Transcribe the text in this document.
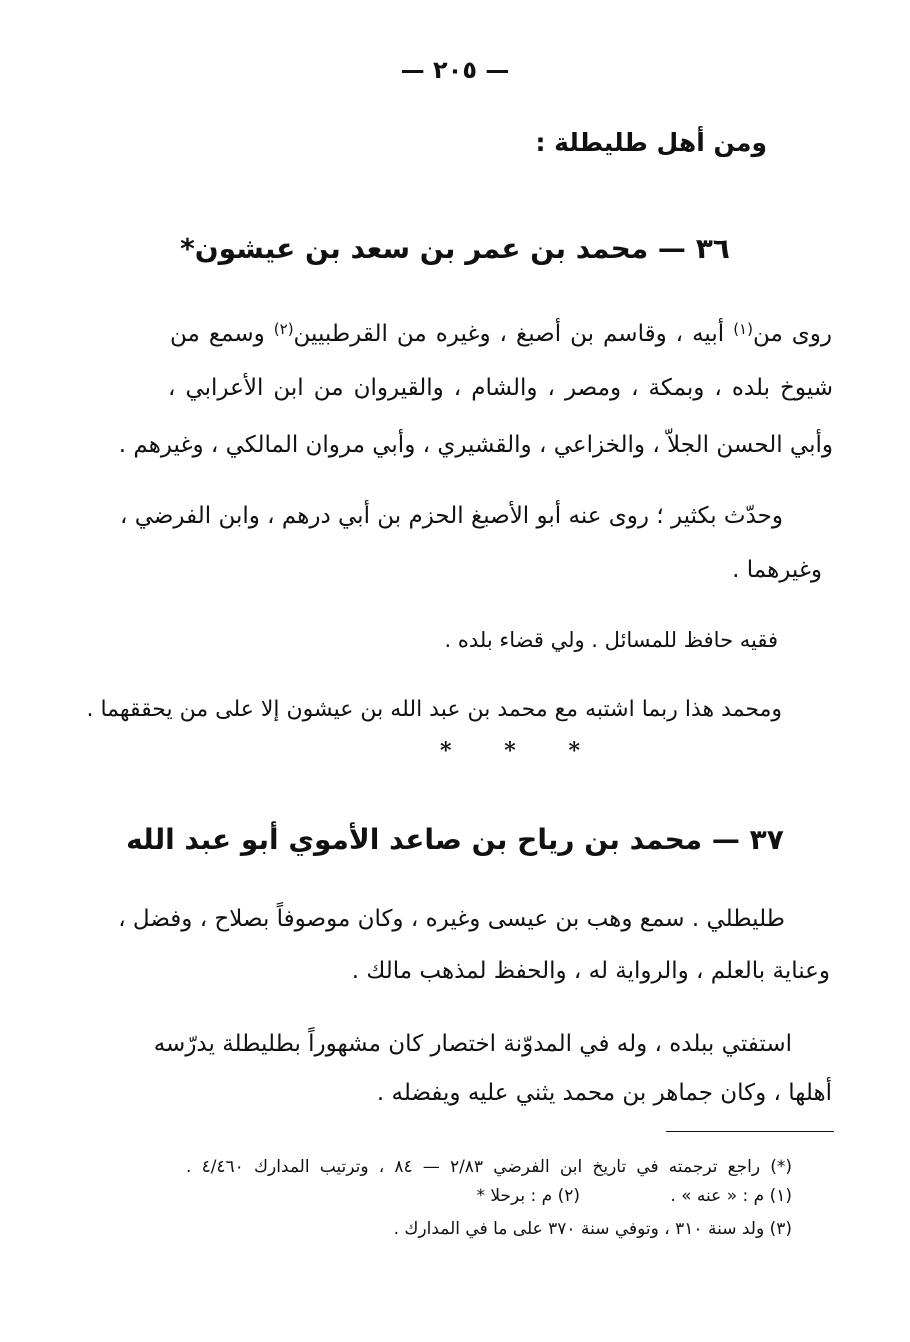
— ٢٠٥ —
ومن أهل طليطلة :
٣٦ — محمد بن عمر بن سعد بن عيشون*
روى من$^{(١)}$ أبيه ، وقاسم بن أصبغ ، وغيره من القرطبيين$^{(٢)}$ وسمع من
شيوخ بلده ، وبمكة ، ومصر ، والشام ، والقيروان من ابن الأعرابي ،
وأبي الحسن الجلاّ ، والخزاعي ، والقشيري ، وأبي مروان المالكي ، وغيرهم .
وحدّث بكثير ؛ روى عنه أبو الأصبغ الحزم بن أبي درهم ، وابن الفرضي ،
وغيرهما .
فقيه حافظ للمسائل . ولي قضاء بلده .
ومحمد هذا ربما اشتبه مع محمد بن عبد الله بن عيشون إلا على من يحققهما .
* * *
٣٧ — محمد بن رياح بن صاعد الأموي أبو عبد الله
طليطلي . سمع وهب بن عيسى وغيره ، وكان موصوفاً بصلاح ، وفضل ،
وعناية بالعلم ، والرواية له ، والحفظ لمذهب مالك .
استفتي ببلده ، وله في المدوّنة اختصار كان مشهوراً بطليطلة يدرّسه
أهلها ، وكان جماهر بن محمد يثني عليه ويفضله .
(*) راجع ترجمته في تاريخ ابن الفرضي ٢/٨٣ — ٨٤ ، وترتيب المدارك ٤/٤٦٠ .
(١) م : « عنه » .
(٢) م : برحلا *
(٣) ولد سنة ٣١٠ ، وتوفي سنة ٣٧٠ على ما في المدارك .
